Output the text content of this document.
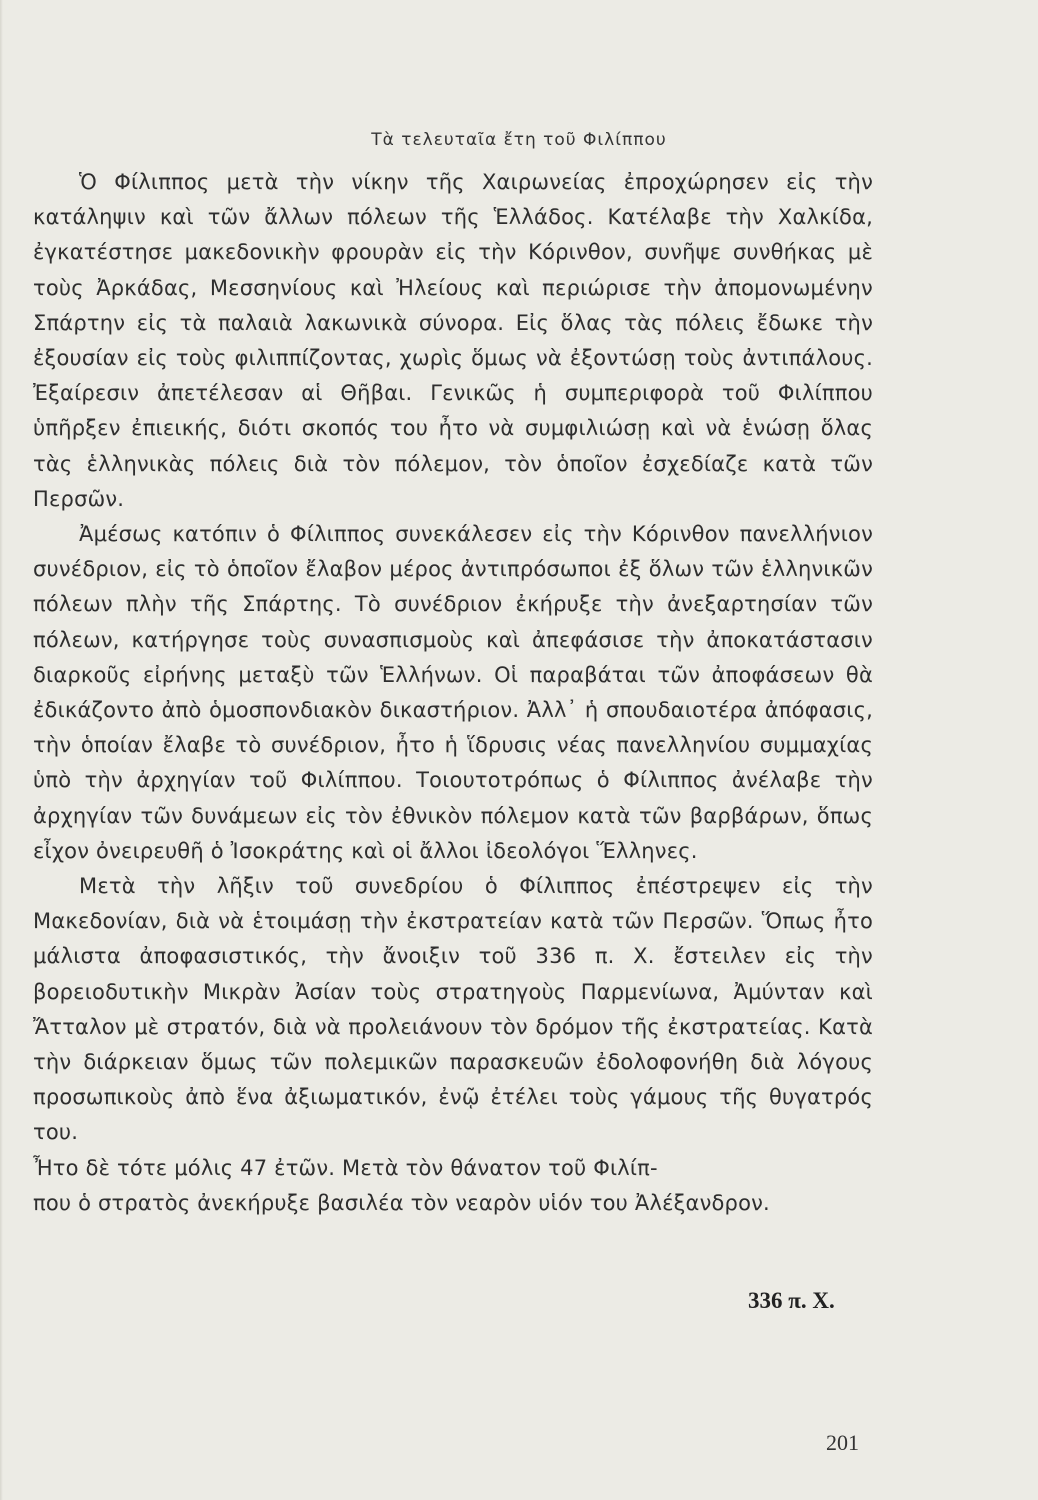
Τὰ τελευταῖα ἔτη τοῦ Φιλίππου

Ὁ Φίλιππος μετὰ τὴν νίκην τῆς Χαιρωνείας ἐπροχώρησεν εἰς τὴν κατάληψιν καὶ τῶν ἄλλων πόλεων τῆς Ἑλλάδος. Κατέλαβε τὴν Χαλκίδα, ἐγκατέστησε μακεδονικὴν φρουρὰν εἰς τὴν Κόρινθον, συνῆψε συνθήκας μὲ τοὺς Ἀρκάδας, Μεσσηνίους καὶ Ἠλείους καὶ περιώρισε τὴν ἀπομονωμένην Σπάρτην εἰς τὰ παλαιὰ λακωνικὰ σύνορα. Εἰς ὅλας τὰς πόλεις ἔδωκε τὴν ἐξουσίαν εἰς τοὺς φιλιππίζοντας, χωρὶς ὅμως νὰ ἐξοντώσῃ τοὺς ἀντιπάλους. Ἐξαίρεσιν ἀπετέλεσαν αἱ Θῆβαι. Γενικῶς ἡ συμπεριφορὰ τοῦ Φιλίππου ὑπῆρξεν ἐπιεικής, διότι σκοπός του ἦτο νὰ συμφιλιώσῃ καὶ νὰ ἑνώσῃ ὅλας τὰς ἑλληνικὰς πόλεις διὰ τὸν πόλεμον, τὸν ὁποῖον ἐσχεδίαζε κατὰ τῶν Περσῶν.

Ἀμέσως κατόπιν ὁ Φίλιππος συνεκάλεσεν εἰς τὴν Κόρινθον πανελλήνιον συνέδριον, εἰς τὸ ὁποῖον ἔλαβον μέρος ἀντιπρόσωποι ἐξ ὅλων τῶν ἑλληνικῶν πόλεων πλὴν τῆς Σπάρτης. Τὸ συνέδριον ἐκήρυξε τὴν ἀνεξαρτησίαν τῶν πόλεων, κατήργησε τοὺς συνασπισμοὺς καὶ ἀπεφάσισε τὴν ἀποκατάστασιν διαρκοῦς εἰρήνης μεταξὺ τῶν Ἑλλήνων. Οἱ παραβάται τῶν ἀποφάσεων θὰ ἐδικάζοντο ἀπὸ ὁμοσπονδιακὸν δικαστήριον. Ἀλλ᾽ ἡ σπουδαιοτέρα ἀπόφασις, τὴν ὁποίαν ἔλαβε τὸ συνέδριον, ἦτο ἡ ἵδρυσις νέας πανελληνίου συμμαχίας ὑπὸ τὴν ἀρχηγίαν τοῦ Φιλίππου. Τοιουτοτρόπως ὁ Φίλιππος ἀνέλαβε τὴν ἀρχηγίαν τῶν δυνάμεων εἰς τὸν ἐθνικὸν πόλεμον κατὰ τῶν βαρβάρων, ὅπως εἶχον ὀνειρευθῆ ὁ Ἰσοκράτης καὶ οἱ ἄλλοι ἰδεολόγοι Ἕλληνες.

Μετὰ τὴν λῆξιν τοῦ συνεδρίου ὁ Φίλιππος ἐπέστρεψεν εἰς τὴν Μακεδονίαν, διὰ νὰ ἑτοιμάσῃ τὴν ἐκστρατείαν κατὰ τῶν Περσῶν. Ὅπως ἦτο μάλιστα ἀποφασιστικός, τὴν ἄνοιξιν τοῦ 336 π. Χ. ἔστειλεν εἰς τὴν βορειοδυτικὴν Μικρὰν Ἀσίαν τοὺς στρατηγοὺς Παρμενίωνα, Ἀμύνταν καὶ Ἄτταλον μὲ στρατόν, διὰ νὰ προλειάνουν τὸν δρόμον τῆς ἐκστρατείας. Κατὰ τὴν διάρκειαν ὅμως τῶν πολεμικῶν παρασκευῶν ἐδολοφονήθη διὰ λόγους προσωπικοὺς ἀπὸ ἕνα ἀξιωματικόν, ἐνῷ ἐτέλει τοὺς γάμους τῆς θυγατρός του.

Ἦτο δὲ τότε μόλις 47 ἐτῶν. Μετὰ τὸν θάνατον τοῦ Φιλίπ-

που ὁ στρατὸς ἀνεκήρυξε βασιλέα τὸν νεαρὸν υἱόν του Ἀλέξανδρον.

336 π. Χ.
201
